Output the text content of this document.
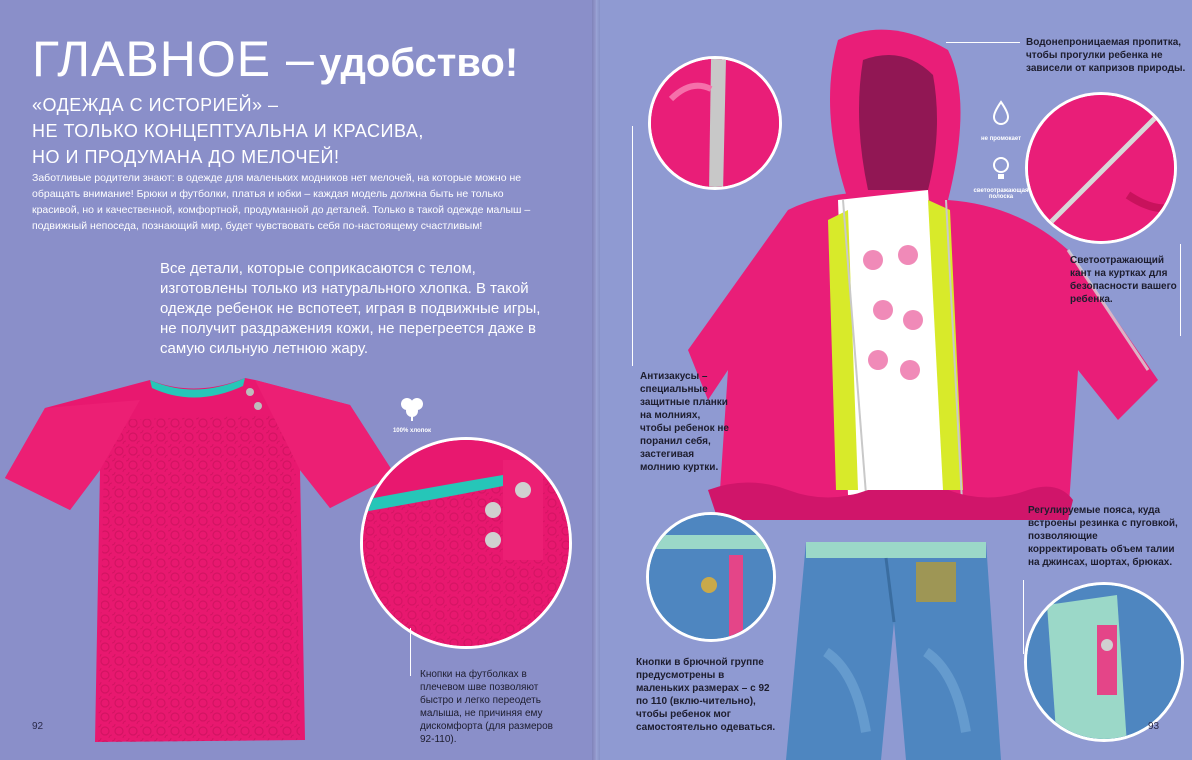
ГЛАВНОЕ – удобство!
«ОДЕЖДА С ИСТОРИЕЙ» –
НЕ ТОЛЬКО КОНЦЕПТУАЛЬНА И КРАСИВА,
НО И ПРОДУМАНА ДО МЕЛОЧЕЙ!
Заботливые родители знают: в одежде для маленьких модников нет мелочей, на которые можно не обращать внимание! Брюки и футболки, платья и юбки – каждая модель должна быть не только красивой, но и качественной, комфортной, продуманной до деталей. Только в такой одежде малыш – подвижный непоседа, познающий мир, будет чувствовать себя по-настоящему счастливым!
Все детали, которые соприкасаются с телом, изготовлены только из натурального хлопка. В такой одежде ребенок не вспотеет, играя в подвижные игры, не получит раздражения кожи, не перегреется даже в самую сильную летнюю жару.
100% хлопок
Кнопки на футболках в плечевом шве позволяют быстро и легко переодеть малыша, не причиняя ему дискомфорта (для размеров 92-110).
92
не промокает
светоотражающая полоска
Водонепроницаемая пропитка, чтобы прогулки ребенка не зависели от капризов природы.
Светоотражающий кант на куртках для безопасности вашего ребенка.
Антизакусы – специальные защитные планки на молниях, чтобы ребенок не поранил себя, застегивая молнию куртки.
Регулируемые пояса, куда встроены резинка с пуговкой, позволяющие корректировать объем талии на джинсах, шортах, брюках.
Кнопки в брючной группе предусмотрены в маленьких размерах – с 92 по 110 (вклю-чительно), чтобы ребенок мог самостоятельно одеваться.	93
